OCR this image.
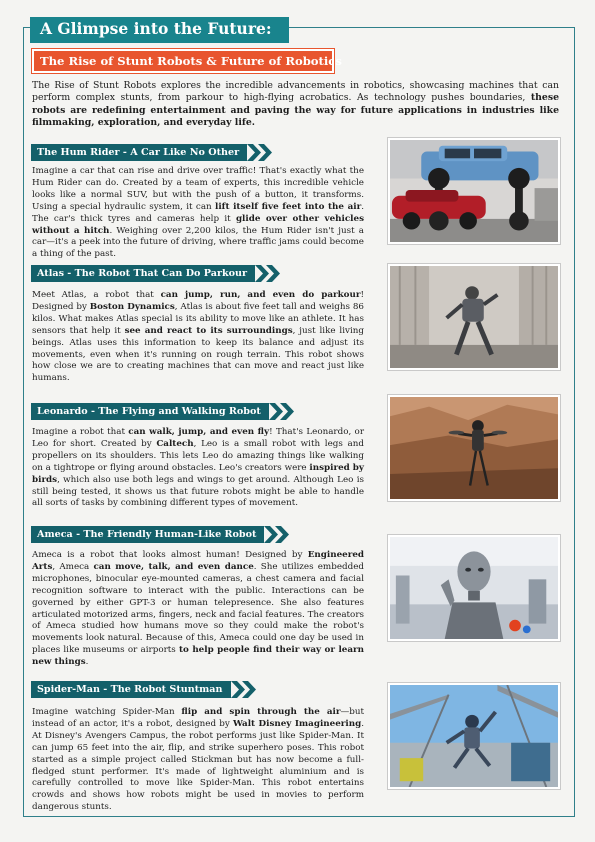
A Glimpse into the Future:
The Rise of Stunt Robots & Future of Robotics

The Rise of Stunt Robots explores the incredible advancements in robotics, showcasing machines that can perform complex stunts, from parkour to high-flying acrobatics. As technology pushes boundaries, these robots are redefining entertainment and paving the way for future applications in industries like filmmaking, exploration, and everyday life.

The Hum Rider - A Car Like No Other

Imagine a car that can rise and drive over traffic! That's exactly what the Hum Rider can do. Created by a team of experts, this incredible vehicle looks like a normal SUV, but with the push of a button, it transforms. Using a special hydraulic system, it can lift itself five feet into the air. The car's thick tyres and cameras help it glide over other vehicles without a hitch. Weighing over 2,200 kilos, the Hum Rider isn't just a car—it's a peek into the future of driving, where traffic jams could become a thing of the past.

Atlas - The Robot That Can Do Parkour

Meet Atlas, a robot that can jump, run, and even do parkour! Designed by Boston Dynamics, Atlas is about five feet tall and weighs 86 kilos. What makes Atlas special is its ability to move like an athlete. It has sensors that help it see and react to its surroundings, just like living beings. Atlas uses this information to keep its balance and adjust its movements, even when it's running on rough terrain. This robot shows how close we are to creating machines that can move and react just like humans.

Leonardo - The Flying and Walking Robot

Imagine a robot that can walk, jump, and even fly! That's Leonardo, or Leo for short. Created by Caltech, Leo is a small robot with legs and propellers on its shoulders. This lets Leo do amazing things like walking on a tightrope or flying around obstacles. Leo's creators were inspired by birds, which also use both legs and wings to get around. Although Leo is still being tested, it shows us that future robots might be able to handle all sorts of tasks by combining different types of movement.

Ameca - The Friendly Human-Like Robot

Ameca is a robot that looks almost human! Designed by Engineered Arts, Ameca can move, talk, and even dance. She utilizes embedded microphones, binocular eye-mounted cameras, a chest camera and facial recognition software to interact with the public. Interactions can be governed by either GPT-3 or human telepresence. She also features articulated motorized arms, fingers, neck and facial features. The creators of Ameca studied how humans move so they could make the robot's movements look natural. Because of this, Ameca could one day be used in places like museums or airports to help people find their way or learn new things.

Spider-Man - The Robot Stuntman

Imagine watching Spider-Man flip and spin through the air—but instead of an actor, it's a robot, designed by Walt Disney Imagineering. At Disney's Avengers Campus, the robot performs just like Spider-Man. It can jump 65 feet into the air, flip, and strike superhero poses. This robot started as a simple project called Stickman but has now become a full-fledged stunt performer. It's made of lightweight aluminium and is carefully controlled to move like Spider-Man. This robot entertains crowds and shows how robots might be used in movies to perform dangerous stunts.
